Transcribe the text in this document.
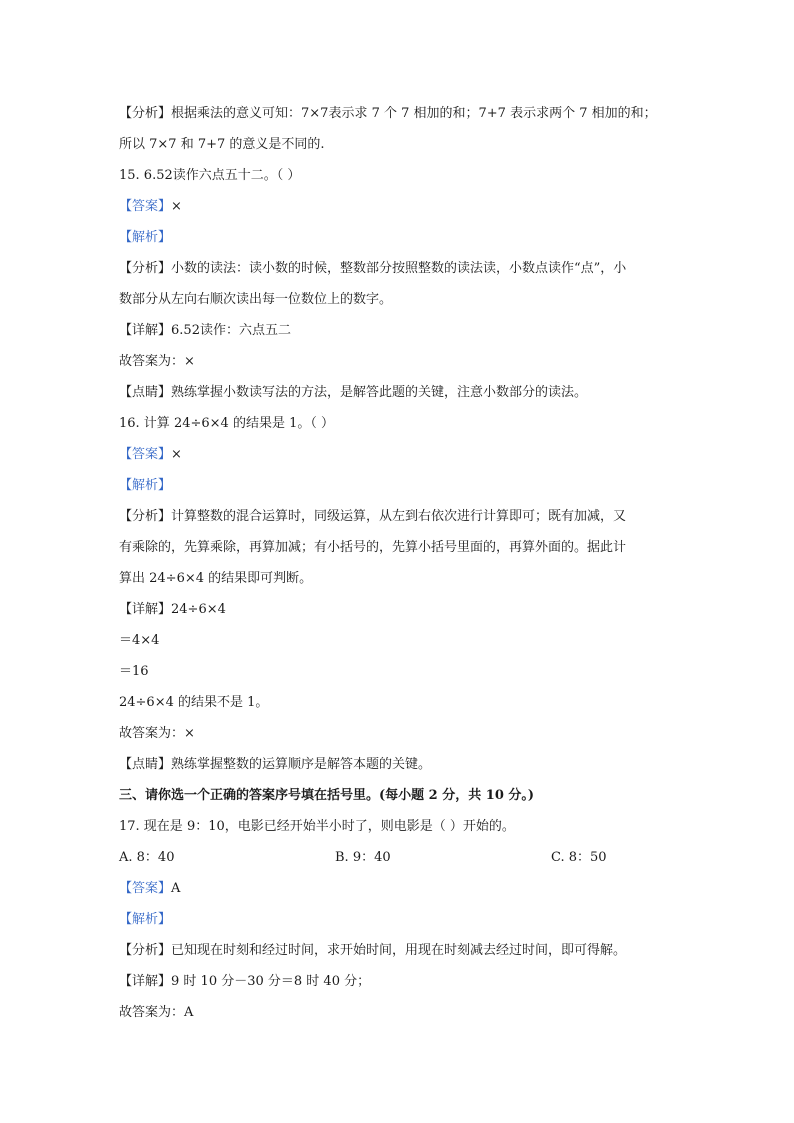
【分析】根据乘法的意义可知：7×7表示求 7 个 7 相加的和；7+7 表示求两个 7 相加的和；
所以 7×7 和 7+7 的意义是不同的.
15. 6.52读作六点五十二。（ ）
【答案】×
【解析】
【分析】小数的读法：读小数的时候，整数部分按照整数的读法读，小数点读作“点”，小
数部分从左向右顺次读出每一位数位上的数字。
【详解】6.52读作：六点五二
故答案为：×
【点睛】熟练掌握小数读写法的方法，是解答此题的关键，注意小数部分的读法。
16. 计算 24÷6×4 的结果是 1。（ ）
【答案】×
【解析】
【分析】计算整数的混合运算时，同级运算，从左到右依次进行计算即可；既有加减，又
有乘除的，先算乘除，再算加减；有小括号的，先算小括号里面的，再算外面的。据此计
算出 24÷6×4 的结果即可判断。
【详解】24÷6×4
＝4×4
＝16
24÷6×4 的结果不是 1。
故答案为：×
【点睛】熟练掌握整数的运算顺序是解答本题的关键。
三、请你选一个正确的答案序号填在括号里。(每小题 2 分，共 10 分。)
17. 现在是 9：10，电影已经开始半小时了，则电影是（ ）开始的。
A. 8：40	B. 9：40	C. 8：50
【答案】A
【解析】
【分析】已知现在时刻和经过时间，求开始时间，用现在时刻减去经过时间，即可得解。
【详解】9 时 10 分－30 分＝8 时 40 分；
故答案为：A
